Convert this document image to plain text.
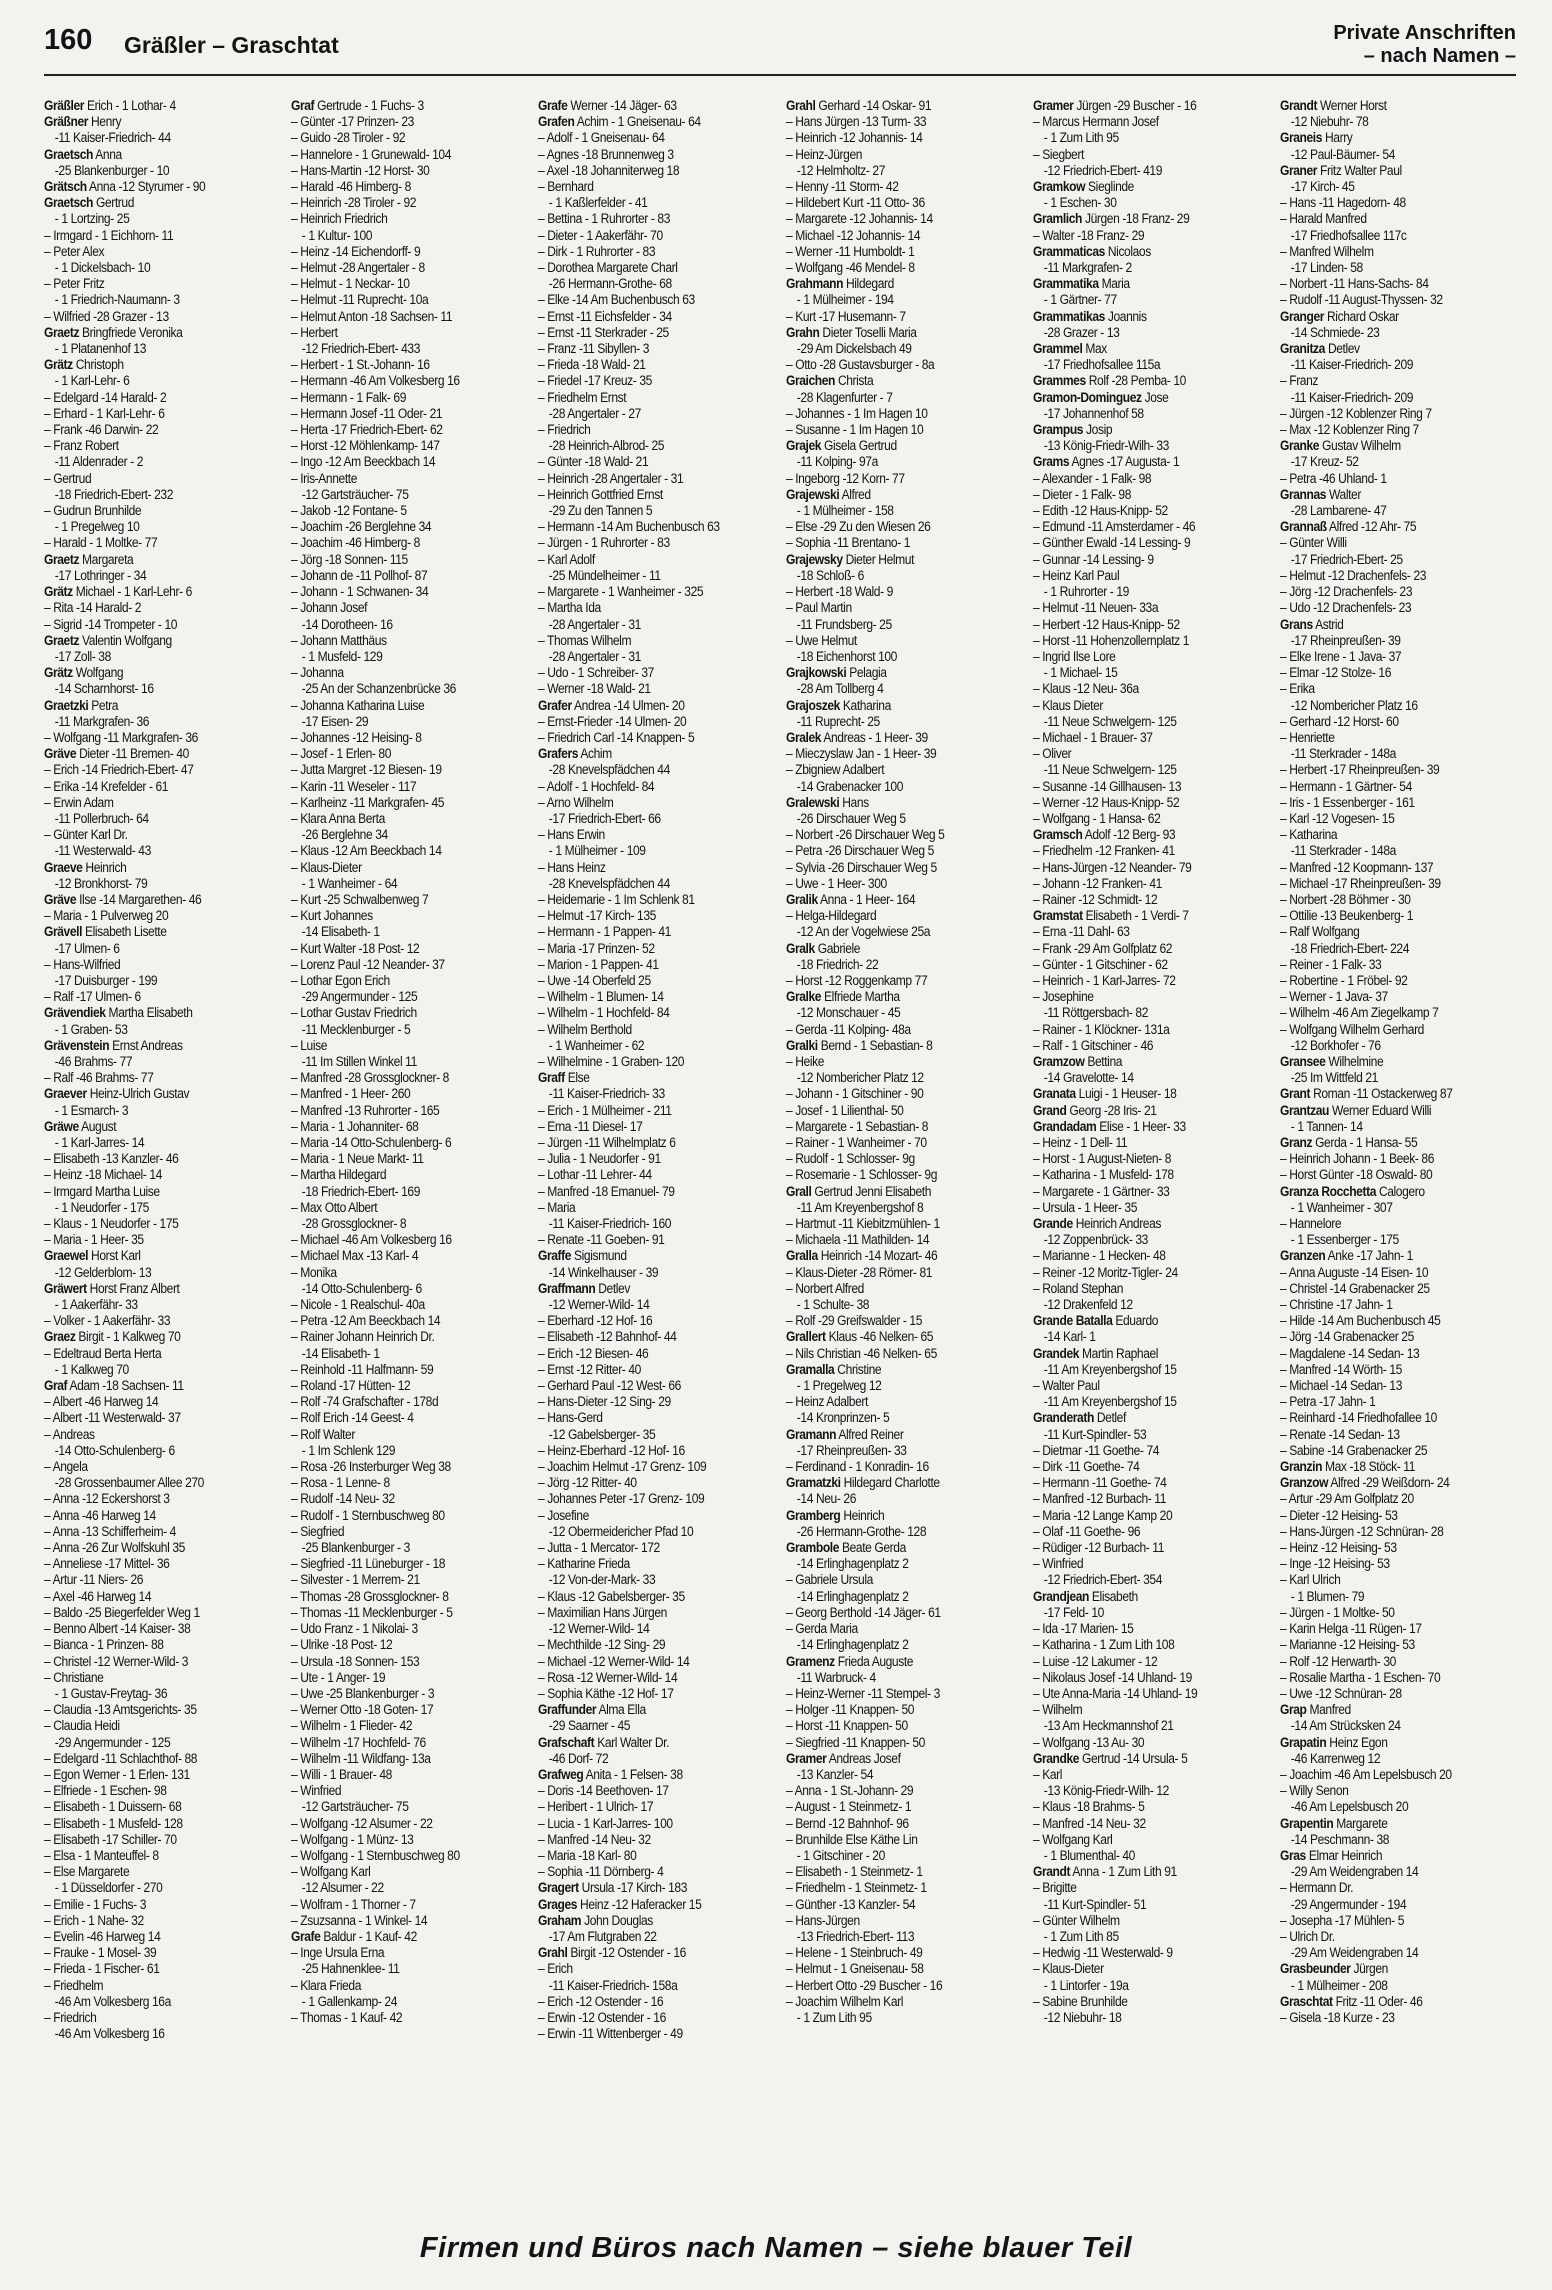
160 Gräßler – Graschtat	Private Anschriften
– nach Namen –
Gräßler Erich - 1 Lothar- 4
Gräßner Henry
-11 Kaiser-Friedrich- 44
Graetsch Anna
-25 Blankenburger - 10
Grätsch Anna -12 Styrumer - 90
Graetsch Gertrud
- 1 Lortzing- 25
– Irmgard - 1 Eichhorn- 11
– Peter Alex
- 1 Dickelsbach- 10
– Peter Fritz
- 1 Friedrich-Naumann- 3
– Wilfried -28 Grazer - 13
Graetz Bringfriede Veronika
- 1 Platanenhof 13
Grätz Christoph
- 1 Karl-Lehr- 6
– Edelgard -14 Harald- 2
– Erhard - 1 Karl-Lehr- 6
– Frank -46 Darwin- 22
– Franz Robert
-11 Aldenrader - 2
– Gertrud
-18 Friedrich-Ebert- 232
– Gudrun Brunhilde
- 1 Pregelweg 10
– Harald - 1 Moltke- 77
Graetz Margareta
-17 Lothringer - 34
Grätz Michael - 1 Karl-Lehr- 6
– Rita -14 Harald- 2
– Sigrid -14 Trompeter - 10
Graetz Valentin Wolfgang
-17 Zoll- 38
Grätz Wolfgang
-14 Scharnhorst- 16
Graetzki Petra
-11 Markgrafen- 36
– Wolfgang -11 Markgrafen- 36
Gräve Dieter -11 Bremen- 40
– Erich -14 Friedrich-Ebert- 47
– Erika -14 Krefelder - 61
– Erwin Adam
-11 Pollerbruch- 64
– Günter Karl Dr.
-11 Westerwald- 43
Graeve Heinrich
-12 Bronkhorst- 79
Gräve Ilse -14 Margarethen- 46
– Maria - 1 Pulverweg 20
Grävell Elisabeth Lisette
-17 Ulmen- 6
– Hans-Wilfried
-17 Duisburger - 199
– Ralf -17 Ulmen- 6
Grävendiek Martha Elisabeth
- 1 Graben- 53
Grävenstein Ernst Andreas
-46 Brahms- 77
– Ralf -46 Brahms- 77
Graever Heinz-Ulrich Gustav
- 1 Esmarch- 3
Gräwe August
- 1 Karl-Jarres- 14
– Elisabeth -13 Kanzler- 46
– Heinz -18 Michael- 14
– Irmgard Martha Luise
- 1 Neudorfer - 175
– Klaus - 1 Neudorfer - 175
– Maria - 1 Heer- 35
Graewel Horst Karl
-12 Gelderblom- 13
Gräwert Horst Franz Albert
- 1 Aakerfähr- 33
– Volker - 1 Aakerfähr- 33
Graez Birgit - 1 Kalkweg 70
– Edeltraud Berta Herta
- 1 Kalkweg 70
Graf Adam -18 Sachsen- 11
– Albert -46 Harweg 14
– Albert -11 Westerwald- 37
– Andreas
-14 Otto-Schulenberg- 6
– Angela
-28 Grossenbaumer Allee 270
– Anna -12 Eckershorst 3
– Anna -46 Harweg 14
– Anna -13 Schifferheim- 4
– Anna -26 Zur Wolfskuhl 35
– Anneliese -17 Mittel- 36
– Artur -11 Niers- 26
– Axel -46 Harweg 14
– Baldo -25 Biegerfelder Weg 1
– Benno Albert -14 Kaiser- 38
– Bianca - 1 Prinzen- 88
– Christel -12 Werner-Wild- 3
– Christiane
- 1 Gustav-Freytag- 36
– Claudia -13 Amtsgerichts- 35
– Claudia Heidi
-29 Angermunder - 125
– Edelgard -11 Schlachthof- 88
– Egon Werner - 1 Erlen- 131
– Elfriede - 1 Eschen- 98
– Elisabeth - 1 Duissern- 68
– Elisabeth - 1 Musfeld- 128
– Elisabeth -17 Schiller- 70
– Elsa - 1 Manteuffel- 8
– Else Margarete
- 1 Düsseldorfer - 270
– Emilie - 1 Fuchs- 3
– Erich - 1 Nahe- 32
– Evelin -46 Harweg 14
– Frauke - 1 Mosel- 39
– Frieda - 1 Fischer- 61
– Friedhelm
-46 Am Volkesberg 16a
– Friedrich
-46 Am Volkesberg 16
Graf Gertrude - 1 Fuchs- 3
– Günter -17 Prinzen- 23
– Guido -28 Tiroler - 92
– Hannelore - 1 Grunewald- 104
– Hans-Martin -12 Horst- 30
– Harald -46 Himberg- 8
– Heinrich -28 Tiroler - 92
– Heinrich Friedrich
- 1 Kultur- 100
– Heinz -14 Eichendorff- 9
– Helmut -28 Angertaler - 8
– Helmut - 1 Neckar- 10
– Helmut -11 Ruprecht- 10a
– Helmut Anton -18 Sachsen- 11
– Herbert
-12 Friedrich-Ebert- 433
– Herbert - 1 St.-Johann- 16
– Hermann -46 Am Volkesberg 16
– Hermann - 1 Falk- 69
– Hermann Josef -11 Oder- 21
– Herta -17 Friedrich-Ebert- 62
– Horst -12 Möhlenkamp- 147
– Ingo -12 Am Beeckbach 14
– Iris-Annette
-12 Gartsträucher- 75
– Jakob -12 Fontane- 5
– Joachim -26 Berglehne 34
– Joachim -46 Himberg- 8
– Jörg -18 Sonnen- 115
– Johann de -11 Pollhof- 87
– Johann - 1 Schwanen- 34
– Johann Josef
-14 Dorotheen- 16
– Johann Matthäus
- 1 Musfeld- 129
– Johanna
-25 An der Schanzenbrücke 36
– Johanna Katharina Luise
-17 Eisen- 29
– Johannes -12 Heising- 8
– Josef - 1 Erlen- 80
– Jutta Margret -12 Biesen- 19
– Karin -11 Weseler - 117
– Karlheinz -11 Markgrafen- 45
– Klara Anna Berta
-26 Berglehne 34
– Klaus -12 Am Beeckbach 14
– Klaus-Dieter
- 1 Wanheimer - 64
– Kurt -25 Schwalbenweg 7
– Kurt Johannes
-14 Elisabeth- 1
– Kurt Walter -18 Post- 12
– Lorenz Paul -12 Neander- 37
– Lothar Egon Erich
-29 Angermunder - 125
– Lothar Gustav Friedrich
-11 Mecklenburger - 5
– Luise
-11 Im Stillen Winkel 11
– Manfred -28 Grossglockner- 8
– Manfred - 1 Heer- 260
– Manfred -13 Ruhrorter - 165
– Maria - 1 Johanniter- 68
– Maria -14 Otto-Schulenberg- 6
– Maria - 1 Neue Markt- 11
– Martha Hildegard
-18 Friedrich-Ebert- 169
– Max Otto Albert
-28 Grossglockner- 8
– Michael -46 Am Volkesberg 16
– Michael Max -13 Karl- 4
– Monika
-14 Otto-Schulenberg- 6
– Nicole - 1 Realschul- 40a
– Petra -12 Am Beeckbach 14
– Rainer Johann Heinrich Dr.
-14 Elisabeth- 1
– Reinhold -11 Halfmann- 59
– Roland -17 Hütten- 12
– Rolf -74 Grafschafter - 178d
– Rolf Erich -14 Geest- 4
– Rolf Walter
- 1 Im Schlenk 129
– Rosa -26 Insterburger Weg 38
– Rosa - 1 Lenne- 8
– Rudolf -14 Neu- 32
– Rudolf - 1 Sternbuschweg 80
– Siegfried
-25 Blankenburger - 3
– Siegfried -11 Lüneburger - 18
– Silvester - 1 Merrem- 21
– Thomas -28 Grossglockner- 8
– Thomas -11 Mecklenburger - 5
– Udo Franz - 1 Nikolai- 3
– Ulrike -18 Post- 12
– Ursula -18 Sonnen- 153
– Ute - 1 Anger- 19
– Uwe -25 Blankenburger - 3
– Werner Otto -18 Goten- 17
– Wilhelm - 1 Flieder- 42
– Wilhelm -17 Hochfeld- 76
– Wilhelm -11 Wildfang- 13a
– Willi - 1 Brauer- 48
– Winfried
-12 Gartsträucher- 75
– Wolfgang -12 Alsumer - 22
– Wolfgang - 1 Münz- 13
– Wolfgang - 1 Sternbuschweg 80
– Wolfgang Karl
-12 Alsumer - 22
– Wolfram - 1 Thorner - 7
– Zsuzsanna - 1 Winkel- 14
Grafe Baldur - 1 Kauf- 42
– Inge Ursula Erna
-25 Hahnenklee- 11
– Klara Frieda
- 1 Gallenkamp- 24
– Thomas - 1 Kauf- 42
Grafe Werner -14 Jäger- 63
Grafen Achim - 1 Gneisenau- 64
– Adolf - 1 Gneisenau- 64
– Agnes -18 Brunnenweg 3
– Axel -18 Johanniterweg 18
– Bernhard
- 1 Kaßlerfelder - 41
– Bettina - 1 Ruhrorter - 83
– Dieter - 1 Aakerfähr- 70
– Dirk - 1 Ruhrorter - 83
– Dorothea Margarete Charl
-26 Hermann-Grothe- 68
– Elke -14 Am Buchenbusch 63
– Ernst -11 Eichsfelder - 34
– Ernst -11 Sterkrader - 25
– Franz -11 Sibyllen- 3
– Frieda -18 Wald- 21
– Friedel -17 Kreuz- 35
– Friedhelm Ernst
-28 Angertaler - 27
– Friedrich
-28 Heinrich-Albrod- 25
– Günter -18 Wald- 21
– Heinrich -28 Angertaler - 31
– Heinrich Gottfried Ernst
-29 Zu den Tannen 5
– Hermann -14 Am Buchenbusch 63
– Jürgen - 1 Ruhrorter - 83
– Karl Adolf
-25 Mündelheimer - 11
– Margarete - 1 Wanheimer - 325
– Martha Ida
-28 Angertaler - 31
– Thomas Wilhelm
-28 Angertaler - 31
– Udo - 1 Schreiber- 37
– Werner -18 Wald- 21
Grafer Andrea -14 Ulmen- 20
– Ernst-Frieder -14 Ulmen- 20
– Friedrich Carl -14 Knappen- 5
Grafers Achim
-28 Knevelspfädchen 44
– Adolf - 1 Hochfeld- 84
– Arno Wilhelm
-17 Friedrich-Ebert- 66
– Hans Erwin
- 1 Mülheimer - 109
– Hans Heinz
-28 Knevelspfädchen 44
– Heidemarie - 1 Im Schlenk 81
– Helmut -17 Kirch- 135
– Hermann - 1 Pappen- 41
– Maria -17 Prinzen- 52
– Marion - 1 Pappen- 41
– Uwe -14 Oberfeld 25
– Wilhelm - 1 Blumen- 14
– Wilhelm - 1 Hochfeld- 84
– Wilhelm Berthold
- 1 Wanheimer - 62
– Wilhelmine - 1 Graben- 120
Graff Else
-11 Kaiser-Friedrich- 33
– Erich - 1 Mülheimer - 211
– Erna -11 Diesel- 17
– Jürgen -11 Wilhelmplatz 6
– Julia - 1 Neudorfer - 91
– Lothar -11 Lehrer- 44
– Manfred -18 Emanuel- 79
– Maria
-11 Kaiser-Friedrich- 160
– Renate -11 Goeben- 91
Graffe Sigismund
-14 Winkelhauser - 39
Graffmann Detlev
-12 Werner-Wild- 14
– Eberhard -12 Hof- 16
– Elisabeth -12 Bahnhof- 44
– Erich -12 Biesen- 46
– Ernst -12 Ritter- 40
– Gerhard Paul -12 West- 66
– Hans-Dieter -12 Sing- 29
– Hans-Gerd
-12 Gabelsberger- 35
– Heinz-Eberhard -12 Hof- 16
– Joachim Helmut -17 Grenz- 109
– Jörg -12 Ritter- 40
– Johannes Peter -17 Grenz- 109
– Josefine
-12 Obermeidericher Pfad 10
– Jutta - 1 Mercator- 172
– Katharine Frieda
-12 Von-der-Mark- 33
– Klaus -12 Gabelsberger- 35
– Maximilian Hans Jürgen
-12 Werner-Wild- 14
– Mechthilde -12 Sing- 29
– Michael -12 Werner-Wild- 14
– Rosa -12 Werner-Wild- 14
– Sophia Käthe -12 Hof- 17
Graffunder Alma Ella
-29 Saarner - 45
Grafschaft Karl Walter Dr.
-46 Dorf- 72
Grafweg Anita - 1 Felsen- 38
– Doris -14 Beethoven- 17
– Heribert - 1 Ulrich- 17
– Lucia - 1 Karl-Jarres- 100
– Manfred -14 Neu- 32
– Maria -18 Karl- 80
– Sophia -11 Dörnberg- 4
Gragert Ursula -17 Kirch- 183
Grages Heinz -12 Haferacker 15
Graham John Douglas
-17 Am Flutgraben 22
Grahl Birgit -12 Ostender - 16
– Erich
-11 Kaiser-Friedrich- 158a
– Erich -12 Ostender - 16
– Erwin -12 Ostender - 16
– Erwin -11 Wittenberger - 49
Grahl Gerhard -14 Oskar- 91
– Hans Jürgen -13 Turm- 33
– Heinrich -12 Johannis- 14
– Heinz-Jürgen
-12 Helmholtz- 27
– Henny -11 Storm- 42
– Hildebert Kurt -11 Otto- 36
– Margarete -12 Johannis- 14
– Michael -12 Johannis- 14
– Werner -11 Humboldt- 1
– Wolfgang -46 Mendel- 8
Grahmann Hildegard
- 1 Mülheimer - 194
– Kurt -17 Husemann- 7
Grahn Dieter Toselli Maria
-29 Am Dickelsbach 49
– Otto -28 Gustavsburger - 8a
Graichen Christa
-28 Klagenfurter - 7
– Johannes - 1 Im Hagen 10
– Susanne - 1 Im Hagen 10
Grajek Gisela Gertrud
-11 Kolping- 97a
– Ingeborg -12 Korn- 77
Grajewski Alfred
- 1 Mülheimer - 158
– Else -29 Zu den Wiesen 26
– Sophia -11 Brentano- 1
Grajewsky Dieter Helmut
-18 Schloß- 6
– Herbert -18 Wald- 9
– Paul Martin
-11 Frundsberg- 25
– Uwe Helmut
-18 Eichenhorst 100
Grajkowski Pelagia
-28 Am Tollberg 4
Grajoszek Katharina
-11 Ruprecht- 25
Gralek Andreas - 1 Heer- 39
– Mieczyslaw Jan - 1 Heer- 39
– Zbigniew Adalbert
-14 Grabenacker 100
Gralewski Hans
-26 Dirschauer Weg 5
– Norbert -26 Dirschauer Weg 5
– Petra -26 Dirschauer Weg 5
– Sylvia -26 Dirschauer Weg 5
– Uwe - 1 Heer- 300
Gralik Anna - 1 Heer- 164
– Helga-Hildegard
-12 An der Vogelwiese 25a
Gralk Gabriele
-18 Friedrich- 22
– Horst -12 Roggenkamp 77
Gralke Elfriede Martha
-12 Monschauer - 45
– Gerda -11 Kolping- 48a
Gralki Bernd - 1 Sebastian- 8
– Heike
-12 Nombericher Platz 12
– Johann - 1 Gitschiner - 90
– Josef - 1 Lilienthal- 50
– Margarete - 1 Sebastian- 8
– Rainer - 1 Wanheimer - 70
– Rudolf - 1 Schlosser- 9g
– Rosemarie - 1 Schlosser- 9g
Grall Gertrud Jenni Elisabeth
-11 Am Kreyenbergshof 8
– Hartmut -11 Kiebitzmühlen- 1
– Michaela -11 Mathilden- 14
Gralla Heinrich -14 Mozart- 46
– Klaus-Dieter -28 Römer- 81
– Norbert Alfred
- 1 Schulte- 38
– Rolf -29 Greifswalder - 15
Grallert Klaus -46 Nelken- 65
– Nils Christian -46 Nelken- 65
Gramalla Christine
- 1 Pregelweg 12
– Heinz Adalbert
-14 Kronprinzen- 5
Gramann Alfred Reiner
-17 Rheinpreußen- 33
– Ferdinand - 1 Konradin- 16
Gramatzki Hildegard Charlotte
-14 Neu- 26
Gramberg Heinrich
-26 Hermann-Grothe- 128
Grambole Beate Gerda
-14 Erlinghagenplatz 2
– Gabriele Ursula
-14 Erlinghagenplatz 2
– Georg Berthold -14 Jäger- 61
– Gerda Maria
-14 Erlinghagenplatz 2
Gramenz Frieda Auguste
-11 Warbruck- 4
– Heinz-Werner -11 Stempel- 3
– Holger -11 Knappen- 50
– Horst -11 Knappen- 50
– Siegfried -11 Knappen- 50
Gramer Andreas Josef
-13 Kanzler- 54
– Anna - 1 St.-Johann- 29
– August - 1 Steinmetz- 1
– Bernd -12 Bahnhof- 96
– Brunhilde Else Käthe Lin
- 1 Gitschiner - 20
– Elisabeth - 1 Steinmetz- 1
– Friedhelm - 1 Steinmetz- 1
– Günther -13 Kanzler- 54
– Hans-Jürgen
-13 Friedrich-Ebert- 113
– Helene - 1 Steinbruch- 49
– Helmut - 1 Gneisenau- 58
– Herbert Otto -29 Buscher - 16
– Joachim Wilhelm Karl
- 1 Zum Lith 95
Gramer Jürgen -29 Buscher - 16
– Marcus Hermann Josef
- 1 Zum Lith 95
– Siegbert
-12 Friedrich-Ebert- 419
Gramkow Sieglinde
- 1 Eschen- 30
Gramlich Jürgen -18 Franz- 29
– Walter -18 Franz- 29
Grammaticas Nicolaos
-11 Markgrafen- 2
Grammatika Maria
- 1 Gärtner- 77
Grammatikas Joannis
-28 Grazer - 13
Grammel Max
-17 Friedhofsallee 115a
Grammes Rolf -28 Pemba- 10
Gramon-Dominguez Jose
-17 Johannenhof 58
Grampus Josip
-13 König-Friedr-Wilh- 33
Grams Agnes -17 Augusta- 1
– Alexander - 1 Falk- 98
– Dieter - 1 Falk- 98
– Edith -12 Haus-Knipp- 52
– Edmund -11 Amsterdamer - 46
– Günther Ewald -14 Lessing- 9
– Gunnar -14 Lessing- 9
– Heinz Karl Paul
- 1 Ruhrorter - 19
– Helmut -11 Neuen- 33a
– Herbert -12 Haus-Knipp- 52
– Horst -11 Hohenzollernplatz 1
– Ingrid Ilse Lore
- 1 Michael- 15
– Klaus -12 Neu- 36a
– Klaus Dieter
-11 Neue Schwelgern- 125
– Michael - 1 Brauer- 37
– Oliver
-11 Neue Schwelgern- 125
– Susanne -14 Gillhausen- 13
– Werner -12 Haus-Knipp- 52
– Wolfgang - 1 Hansa- 62
Gramsch Adolf -12 Berg- 93
– Friedhelm -12 Franken- 41
– Hans-Jürgen -12 Neander- 79
– Johann -12 Franken- 41
– Rainer -12 Schmidt- 12
Gramstat Elisabeth - 1 Verdi- 7
– Erna -11 Dahl- 63
– Frank -29 Am Golfplatz 62
– Günter - 1 Gitschiner - 62
– Heinrich - 1 Karl-Jarres- 72
– Josephine
-11 Röttgersbach- 82
– Rainer - 1 Klöckner- 131a
– Ralf - 1 Gitschiner - 46
Gramzow Bettina
-14 Gravelotte- 14
Granata Luigi - 1 Heuser- 18
Grand Georg -28 Iris- 21
Grandadam Elise - 1 Heer- 33
– Heinz - 1 Dell- 11
– Horst - 1 August-Nieten- 8
– Katharina - 1 Musfeld- 178
– Margarete - 1 Gärtner- 33
– Ursula - 1 Heer- 35
Grande Heinrich Andreas
-12 Zoppenbrück- 33
– Marianne - 1 Hecken- 48
– Reiner -12 Moritz-Tigler- 24
– Roland Stephan
-12 Drakenfeld 12
Grande Batalla Eduardo
-14 Karl- 1
Grandek Martin Raphael
-11 Am Kreyenbergshof 15
– Walter Paul
-11 Am Kreyenbergshof 15
Granderath Detlef
-11 Kurt-Spindler- 53
– Dietmar -11 Goethe- 74
– Dirk -11 Goethe- 74
– Hermann -11 Goethe- 74
– Manfred -12 Burbach- 11
– Maria -12 Lange Kamp 20
– Olaf -11 Goethe- 96
– Rüdiger -12 Burbach- 11
– Winfried
-12 Friedrich-Ebert- 354
Grandjean Elisabeth
-17 Feld- 10
– Ida -17 Marien- 15
– Katharina - 1 Zum Lith 108
– Luise -12 Lakumer - 12
– Nikolaus Josef -14 Uhland- 19
– Ute Anna-Maria -14 Uhland- 19
– Wilhelm
-13 Am Heckmannshof 21
– Wolfgang -13 Au- 30
Grandke Gertrud -14 Ursula- 5
– Karl
-13 König-Friedr-Wilh- 12
– Klaus -18 Brahms- 5
– Manfred -14 Neu- 32
– Wolfgang Karl
- 1 Blumenthal- 40
Grandt Anna - 1 Zum Lith 91
– Brigitte
-11 Kurt-Spindler- 51
– Günter Wilhelm
- 1 Zum Lith 85
– Hedwig -11 Westerwald- 9
– Klaus-Dieter
- 1 Lintorfer - 19a
– Sabine Brunhilde
-12 Niebuhr- 18
Grandt Werner Horst
-12 Niebuhr- 78
Graneis Harry
-12 Paul-Bäumer- 54
Graner Fritz Walter Paul
-17 Kirch- 45
– Hans -11 Hagedorn- 48
– Harald Manfred
-17 Friedhofsallee 117c
– Manfred Wilhelm
-17 Linden- 58
– Norbert -11 Hans-Sachs- 84
– Rudolf -11 August-Thyssen- 32
Granger Richard Oskar
-14 Schmiede- 23
Granitza Detlev
-11 Kaiser-Friedrich- 209
– Franz
-11 Kaiser-Friedrich- 209
– Jürgen -12 Koblenzer Ring 7
– Max -12 Koblenzer Ring 7
Granke Gustav Wilhelm
-17 Kreuz- 52
– Petra -46 Uhland- 1
Grannas Walter
-28 Lambarene- 47
Grannaß Alfred -12 Ahr- 75
– Günter Willi
-17 Friedrich-Ebert- 25
– Helmut -12 Drachenfels- 23
– Jörg -12 Drachenfels- 23
– Udo -12 Drachenfels- 23
Grans Astrid
-17 Rheinpreußen- 39
– Elke Irene - 1 Java- 37
– Elmar -12 Stolze- 16
– Erika
-12 Nombericher Platz 16
– Gerhard -12 Horst- 60
– Henriette
-11 Sterkrader - 148a
– Herbert -17 Rheinpreußen- 39
– Hermann - 1 Gärtner- 54
– Iris - 1 Essenberger - 161
– Karl -12 Vogesen- 15
– Katharina
-11 Sterkrader - 148a
– Manfred -12 Koopmann- 137
– Michael -17 Rheinpreußen- 39
– Norbert -28 Böhmer - 30
– Ottilie -13 Beukenberg- 1
– Ralf Wolfgang
-18 Friedrich-Ebert- 224
– Reiner - 1 Falk- 33
– Robertine - 1 Fröbel- 92
– Werner - 1 Java- 37
– Wilhelm -46 Am Ziegelkamp 7
– Wolfgang Wilhelm Gerhard
-12 Borkhofer - 76
Gransee Wilhelmine
-25 Im Wittfeld 21
Grant Roman -11 Ostackerweg 87
Grantzau Werner Eduard Willi
- 1 Tannen- 14
Granz Gerda - 1 Hansa- 55
– Heinrich Johann - 1 Beek- 86
– Horst Günter -18 Oswald- 80
Granza Rocchetta Calogero
- 1 Wanheimer - 307
– Hannelore
- 1 Essenberger - 175
Granzen Anke -17 Jahn- 1
– Anna Auguste -14 Eisen- 10
– Christel -14 Grabenacker 25
– Christine -17 Jahn- 1
– Hilde -14 Am Buchenbusch 45
– Jörg -14 Grabenacker 25
– Magdalene -14 Sedan- 13
– Manfred -14 Wörth- 15
– Michael -14 Sedan- 13
– Petra -17 Jahn- 1
– Reinhard -14 Friedhofallee 10
– Renate -14 Sedan- 13
– Sabine -14 Grabenacker 25
Granzin Max -18 Stöck- 11
Granzow Alfred -29 Weißdorn- 24
– Artur -29 Am Golfplatz 20
– Dieter -12 Heising- 53
– Hans-Jürgen -12 Schnüran- 28
– Heinz -12 Heising- 53
– Inge -12 Heising- 53
– Karl Ulrich
- 1 Blumen- 79
– Jürgen - 1 Moltke- 50
– Karin Helga -11 Rügen- 17
– Marianne -12 Heising- 53
– Rolf -12 Herwarth- 30
– Rosalie Martha - 1 Eschen- 70
– Uwe -12 Schnüran- 28
Grap Manfred
-14 Am Strücksken 24
Grapatin Heinz Egon
-46 Karrenweg 12
– Joachim -46 Am Lepelsbusch 20
– Willy Senon
-46 Am Lepelsbusch 20
Grapentin Margarete
-14 Peschmann- 38
Gras Elmar Heinrich
-29 Am Weidengraben 14
– Hermann Dr.
-29 Angermunder - 194
– Josepha -17 Mühlen- 5
– Ulrich Dr.
-29 Am Weidengraben 14
Grasbeunder Jürgen
- 1 Mülheimer - 208
Graschtat Fritz -11 Oder- 46
– Gisela -18 Kurze - 23
Firmen und Büros nach Namen – siehe blauer Teil
